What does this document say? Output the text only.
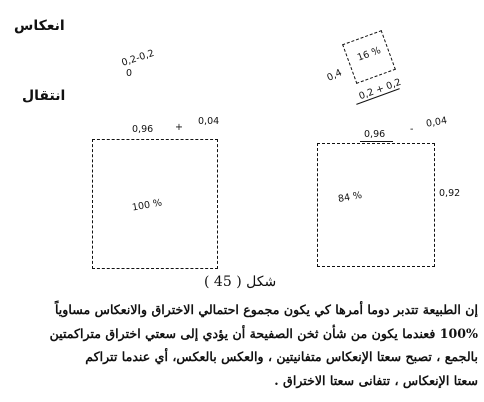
انعكاس
انتقال
0,2-0,2
0
16 %
0,4
0,2 + 0,2
0,96 +
0,04
100 %
0,96	- 0,04
84 %	0,92
شكل ( 45 )
إن الطبيعة تتدبر دوما أمرها كي يكون مجموع احتمالي الاختراق والانعكاس مساوياً
100% فعندما يكون من شأن ثخن الصفيحة أن يؤدي إلى سعتي اختراق متراكمتين
بالجمع ، تصبح سعتا الإنعكاس متفانيتين ، والعكس بالعكس، أي عندما تتراكم
سعتا الإنعكاس ، تتفانى سعتا الاختراق .
